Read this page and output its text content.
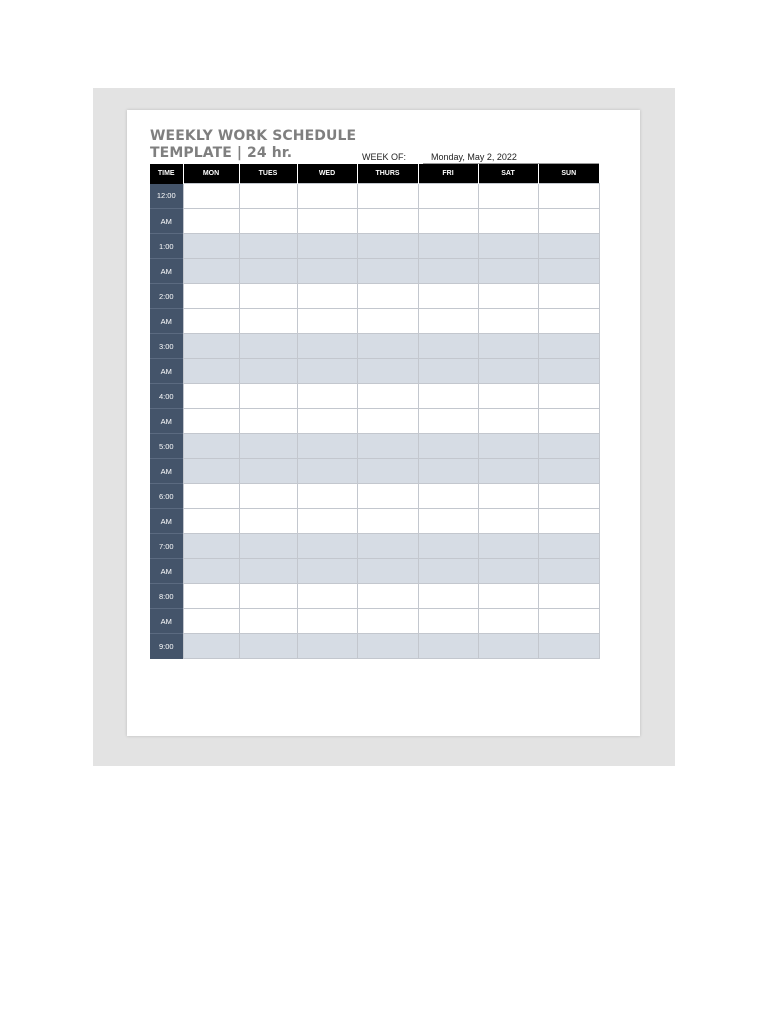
WEEKLY WORK SCHEDULE
TEMPLATE | 24 hr.	WEEK OF:	Monday, May 2, 2022
TIME	MON	TUES	WED	THURS	FRI	SAT	SUN
12:00							
AM							
1:00							
AM							
2:00							
AM							
3:00							
AM							
4:00							
AM							
5:00							
AM							
6:00							
AM							
7:00							
AM							
8:00							
AM							
9:00							
